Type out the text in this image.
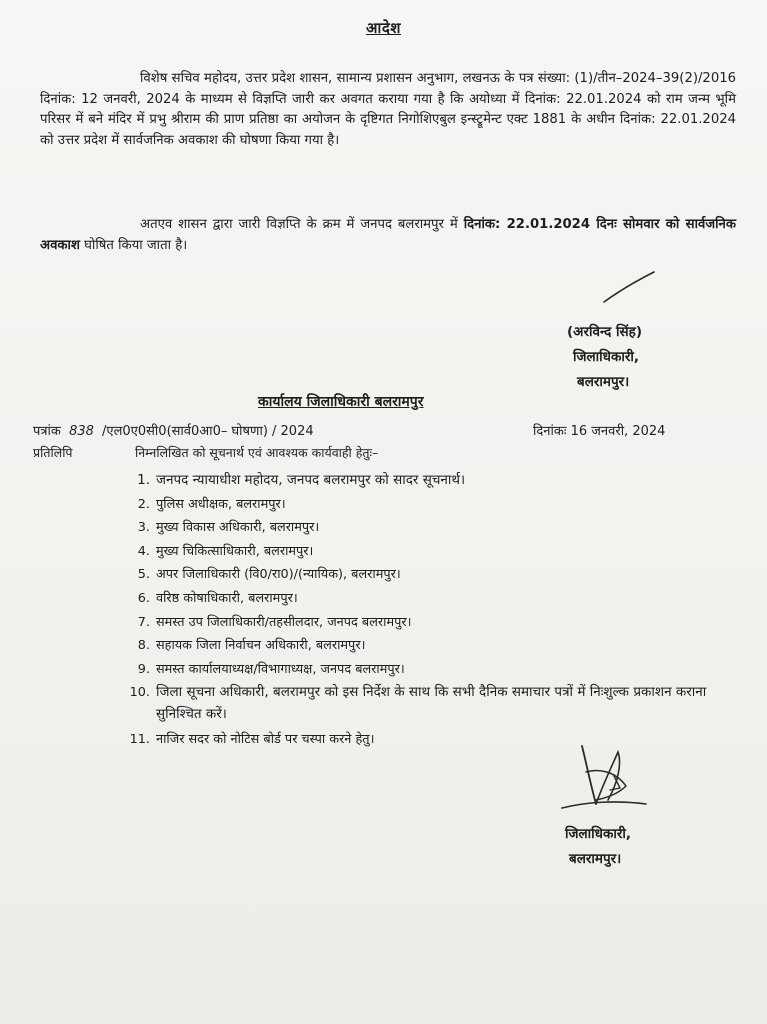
आदेश
विशेष सचिव महोदय, उत्तर प्रदेश शासन, सामान्य प्रशासन अनुभाग, लखनऊ के पत्र संख्या: (1)/तीन–2024–39(2)/2016 दिनांक: 12 जनवरी, 2024 के माध्यम से विज्ञप्ति जारी कर अवगत कराया गया है कि अयोध्या में दिनांक: 22.01.2024 को राम जन्म भूमि परिसर में बने मंदिर में प्रभु श्रीराम की प्राण प्रतिष्ठा का अयोजन के दृष्टिगत निगोशिएबुल इन्स्ट्रूमेन्ट एक्ट 1881 के अधीन दिनांक: 22.01.2024 को उत्तर प्रदेश में सार्वजनिक अवकाश की घोषणा किया गया है।
अतएव शासन द्वारा जारी विज्ञप्ति के क्रम में जनपद बलरामपुर में दिनांक: 22.01.2024 दिनः सोमवार को सार्वजनिक अवकाश घोषित किया जाता है।
(अरविन्द सिंह)
जिलाधिकारी,
बलरामपुर।
कार्यालय जिलाधिकारी बलरामपुर
पत्रांक 838 /एल0ए0सी0(सार्व0आ0– घोषणा) / 2024	दिनांकः 16 जनवरी, 2024
प्रतिलिपि	निम्नलिखित को सूचनार्थ एवं आवश्यक कार्यवाही हेतुः–
1. जनपद न्यायाधीश महोदय, जनपद बलरामपुर को सादर सूचनार्थ।
2. पुलिस अधीक्षक, बलरामपुर।
3. मुख्य विकास अधिकारी, बलरामपुर।
4. मुख्य चिकित्साधिकारी, बलरामपुर।
5. अपर जिलाधिकारी (वि0/रा0)/(न्यायिक), बलरामपुर।
6. वरिष्ठ कोषाधिकारी, बलरामपुर।
7. समस्त उप जिलाधिकारी/तहसीलदार, जनपद बलरामपुर।
8. सहायक जिला निर्वाचन अधिकारी, बलरामपुर।
9. समस्त कार्यालयाध्यक्ष/विभागाध्यक्ष, जनपद बलरामपुर।
10. जिला सूचना अधिकारी, बलरामपुर को इस निर्देश के साथ कि सभी दैनिक समाचार पत्रों में निःशुल्क प्रकाशन कराना सुनिश्चित करें।
11. नाजिर सदर को नोटिस बोर्ड पर चस्पा करने हेतु।
जिलाधिकारी,
बलरामपुर।
